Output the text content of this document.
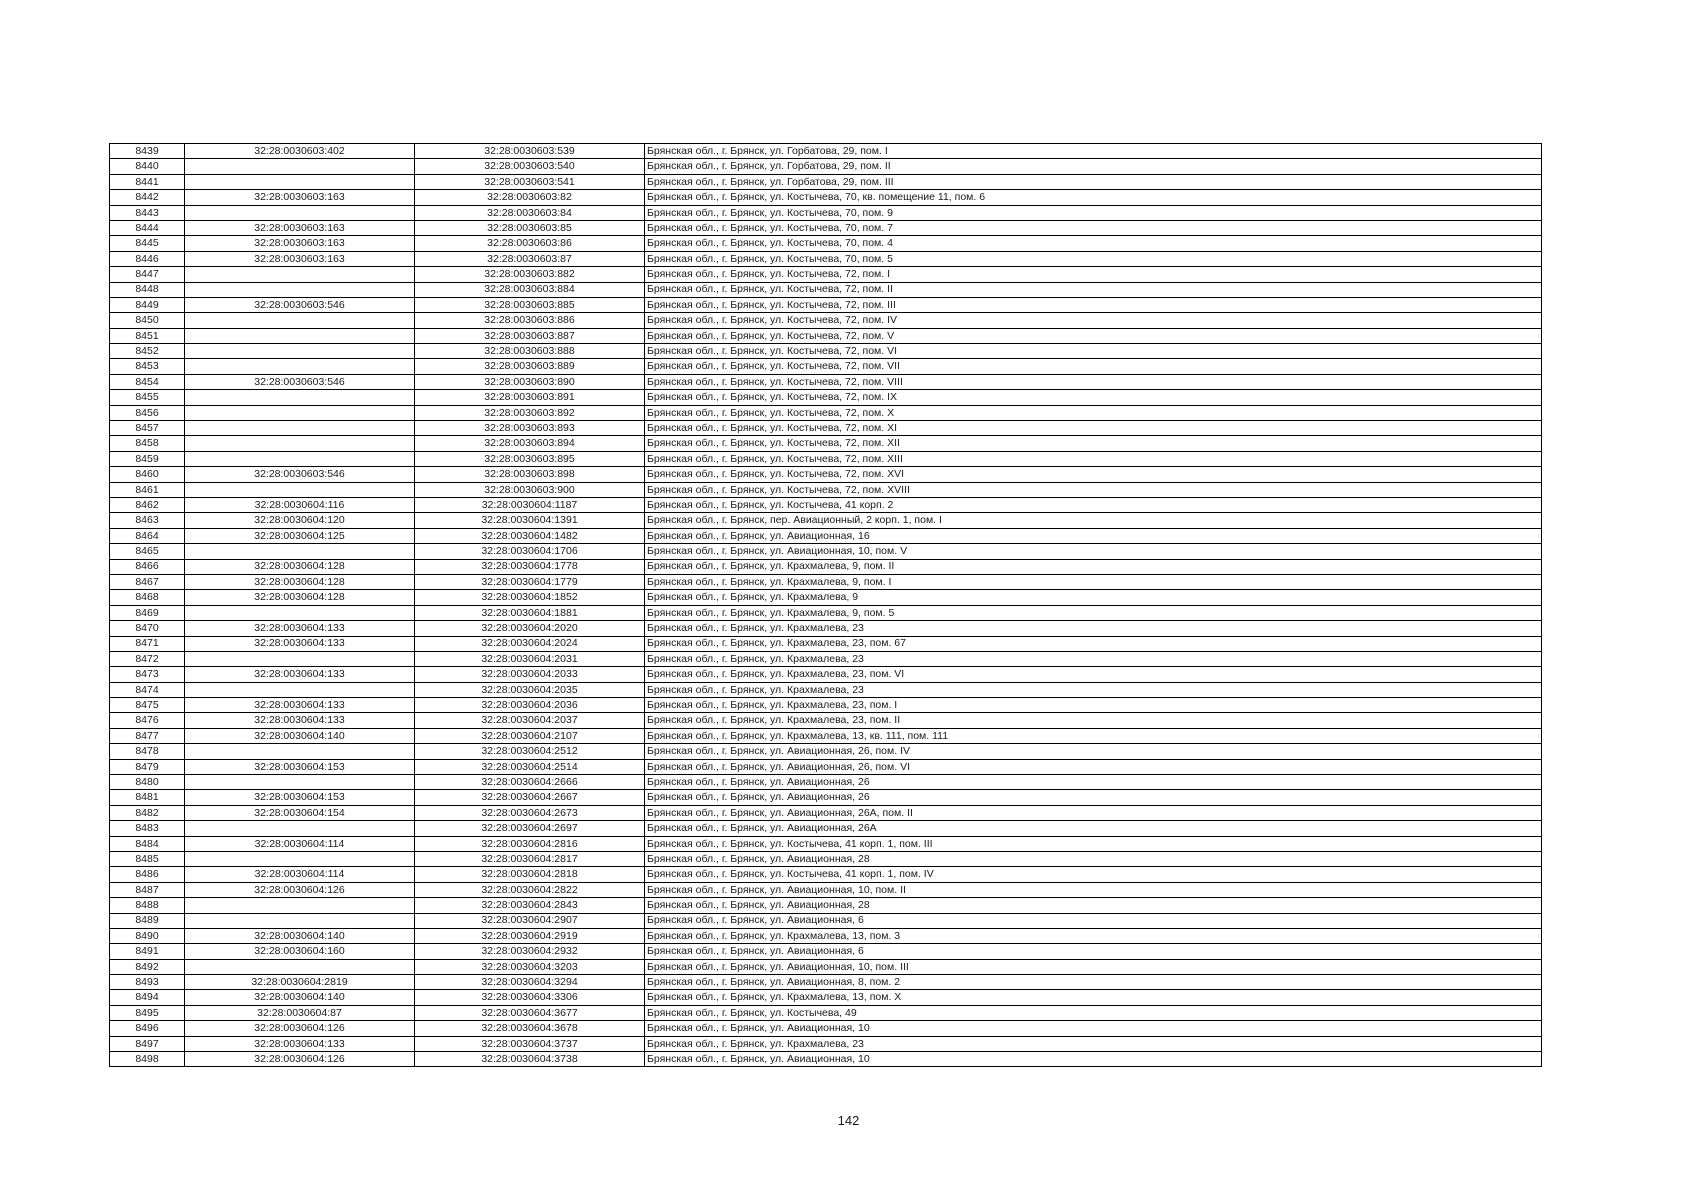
8439	32:28:0030603:402	32:28:0030603:539	Брянская обл., г. Брянск, ул. Горбатова, 29, пом. I
8440		32:28:0030603:540	Брянская обл., г. Брянск, ул. Горбатова, 29, пом. II
8441		32:28:0030603:541	Брянская обл., г. Брянск, ул. Горбатова, 29, пом. III
8442	32:28:0030603:163	32:28:0030603:82	Брянская обл., г. Брянск, ул. Костычева, 70, кв. помещение 11, пом. 6
8443		32:28:0030603:84	Брянская обл., г. Брянск, ул. Костычева, 70, пом. 9
8444	32:28:0030603:163	32:28:0030603:85	Брянская обл., г. Брянск, ул. Костычева, 70, пом. 7
8445	32:28:0030603:163	32:28:0030603:86	Брянская обл., г. Брянск, ул. Костычева, 70, пом. 4
8446	32:28:0030603:163	32:28:0030603:87	Брянская обл., г. Брянск, ул. Костычева, 70, пом. 5
8447		32:28:0030603:882	Брянская обл., г. Брянск, ул. Костычева, 72, пом. I
8448		32:28:0030603:884	Брянская обл., г. Брянск, ул. Костычева, 72, пом. II
8449	32:28:0030603:546	32:28:0030603:885	Брянская обл., г. Брянск, ул. Костычева, 72, пом. III
8450		32:28:0030603:886	Брянская обл., г. Брянск, ул. Костычева, 72, пом. IV
8451		32:28:0030603:887	Брянская обл., г. Брянск, ул. Костычева, 72, пом. V
8452		32:28:0030603:888	Брянская обл., г. Брянск, ул. Костычева, 72, пом. VI
8453		32:28:0030603:889	Брянская обл., г. Брянск, ул. Костычева, 72, пом. VII
8454	32:28:0030603:546	32:28:0030603:890	Брянская обл., г. Брянск, ул. Костычева, 72, пом. VIII
8455		32:28:0030603:891	Брянская обл., г. Брянск, ул. Костычева, 72, пом. IX
8456		32:28:0030603:892	Брянская обл., г. Брянск, ул. Костычева, 72, пом. X
8457		32:28:0030603:893	Брянская обл., г. Брянск, ул. Костычева, 72, пом. XI
8458		32:28:0030603:894	Брянская обл., г. Брянск, ул. Костычева, 72, пом. XII
8459		32:28:0030603:895	Брянская обл., г. Брянск, ул. Костычева, 72, пом. XIII
8460	32:28:0030603:546	32:28:0030603:898	Брянская обл., г. Брянск, ул. Костычева, 72, пом. XVI
8461		32:28:0030603:900	Брянская обл., г. Брянск, ул. Костычева, 72, пом. XVIII
8462	32:28:0030604:116	32:28:0030604:1187	Брянская обл., г. Брянск, ул. Костычева, 41 корп. 2
8463	32:28:0030604:120	32:28:0030604:1391	Брянская обл., г. Брянск, пер. Авиационный, 2 корп. 1, пом. I
8464	32:28:0030604:125	32:28:0030604:1482	Брянская обл., г. Брянск, ул. Авиационная, 16
8465		32:28:0030604:1706	Брянская обл., г. Брянск, ул. Авиационная, 10, пом. V
8466	32:28:0030604:128	32:28:0030604:1778	Брянская обл., г. Брянск, ул. Крахмалева, 9, пом. II
8467	32:28:0030604:128	32:28:0030604:1779	Брянская обл., г. Брянск, ул. Крахмалева, 9, пом. I
8468	32:28:0030604:128	32:28:0030604:1852	Брянская обл., г. Брянск, ул. Крахмалева, 9
8469		32:28:0030604:1881	Брянская обл., г. Брянск, ул. Крахмалева, 9, пом. 5
8470	32:28:0030604:133	32:28:0030604:2020	Брянская обл., г. Брянск, ул. Крахмалева, 23
8471	32:28:0030604:133	32:28:0030604:2024	Брянская обл., г. Брянск, ул. Крахмалева, 23, пом. 67
8472		32:28:0030604:2031	Брянская обл., г. Брянск, ул. Крахмалева, 23
8473	32:28:0030604:133	32:28:0030604:2033	Брянская обл., г. Брянск, ул. Крахмалева, 23, пом. VI
8474		32:28:0030604:2035	Брянская обл., г. Брянск, ул. Крахмалева, 23
8475	32:28:0030604:133	32:28:0030604:2036	Брянская обл., г. Брянск, ул. Крахмалева, 23, пом. I
8476	32:28:0030604:133	32:28:0030604:2037	Брянская обл., г. Брянск, ул. Крахмалева, 23, пом. II
8477	32:28:0030604:140	32:28:0030604:2107	Брянская обл., г. Брянск, ул. Крахмалева, 13, кв. 111, пом. 111
8478		32:28:0030604:2512	Брянская обл., г. Брянск, ул. Авиационная, 26, пом. IV
8479	32:28:0030604:153	32:28:0030604:2514	Брянская обл., г. Брянск, ул. Авиационная, 26, пом. VI
8480		32:28:0030604:2666	Брянская обл., г. Брянск, ул. Авиационная, 26
8481	32:28:0030604:153	32:28:0030604:2667	Брянская обл., г. Брянск, ул. Авиационная, 26
8482	32:28:0030604:154	32:28:0030604:2673	Брянская обл., г. Брянск, ул. Авиационная, 26А, пом. II
8483		32:28:0030604:2697	Брянская обл., г. Брянск, ул. Авиационная, 26А
8484	32:28:0030604:114	32:28:0030604:2816	Брянская обл., г. Брянск, ул. Костычева, 41 корп. 1, пом. III
8485		32:28:0030604:2817	Брянская обл., г. Брянск, ул. Авиационная, 28
8486	32:28:0030604:114	32:28:0030604:2818	Брянская обл., г. Брянск, ул. Костычева, 41 корп. 1, пом. IV
8487	32:28:0030604:126	32:28:0030604:2822	Брянская обл., г. Брянск, ул. Авиационная, 10, пом. II
8488		32:28:0030604:2843	Брянская обл., г. Брянск, ул. Авиационная, 28
8489		32:28:0030604:2907	Брянская обл., г. Брянск, ул. Авиационная, 6
8490	32:28:0030604:140	32:28:0030604:2919	Брянская обл., г. Брянск, ул. Крахмалева, 13, пом. 3
8491	32:28:0030604:160	32:28:0030604:2932	Брянская обл., г. Брянск, ул. Авиационная, 6
8492		32:28:0030604:3203	Брянская обл., г. Брянск, ул. Авиационная, 10, пом. III
8493	32:28:0030604:2819	32:28:0030604:3294	Брянская обл., г. Брянск, ул. Авиационная, 8, пом. 2
8494	32:28:0030604:140	32:28:0030604:3306	Брянская обл., г. Брянск, ул. Крахмалева, 13, пом. X
8495	32:28:0030604:87	32:28:0030604:3677	Брянская обл., г. Брянск, ул. Костычева, 49
8496	32:28:0030604:126	32:28:0030604:3678	Брянская обл., г. Брянск, ул. Авиационная, 10
8497	32:28:0030604:133	32:28:0030604:3737	Брянская обл., г. Брянск, ул. Крахмалева, 23
8498	32:28:0030604:126	32:28:0030604:3738	Брянская обл., г. Брянск, ул. Авиационная, 10
142
